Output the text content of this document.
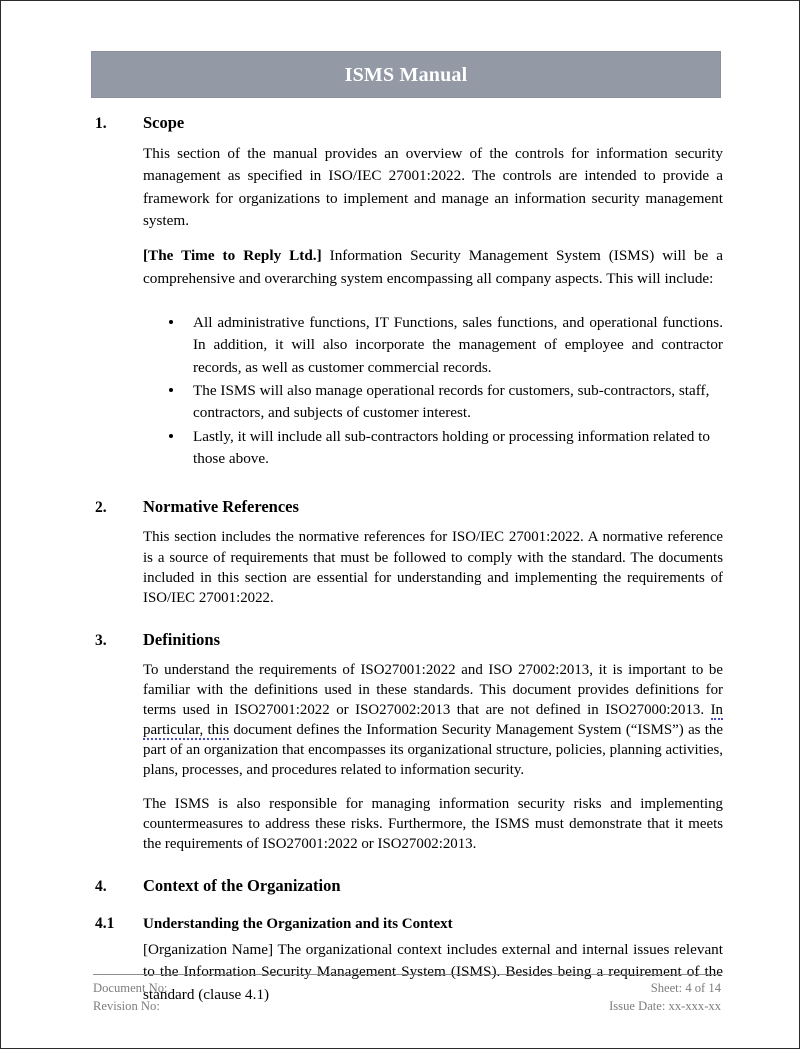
ISMS Manual
1.	Scope

This section of the manual provides an overview of the controls for information security management as specified in ISO/IEC 27001:2022. The controls are intended to provide a framework for organizations to implement and manage an information security management system.

[The Time to Reply Ltd.] Information Security Management System (ISMS) will be a comprehensive and overarching system encompassing all company aspects. This will include:

All administrative functions, IT Functions, sales functions, and operational functions. In addition, it will also incorporate the management of employee and contractor records, as well as customer commercial records.
The ISMS will also manage operational records for customers, sub-contractors, staff, contractors, and subjects of customer interest.
Lastly, it will include all sub-contractors holding or processing information related to those above.
2.	Normative References

This section includes the normative references for ISO/IEC 27001:2022. A normative reference is a source of requirements that must be followed to comply with the standard. The documents included in this section are essential for understanding and implementing the requirements of ISO/IEC 27001:2022.

3.	Definitions

To understand the requirements of ISO27001:2022 and ISO 27002:2013, it is important to be familiar with the definitions used in these standards. This document provides definitions for terms used in ISO27001:2022 or ISO27002:2013 that are not defined in ISO27000:2013. In particular, this document defines the Information Security Management System (“ISMS”) as the part of an organization that encompasses its organizational structure, policies, planning activities, plans, processes, and procedures related to information security.

The ISMS is also responsible for managing information security risks and implementing countermeasures to address these risks. Furthermore, the ISMS must demonstrate that it meets the requirements of ISO27001:2022 or ISO27002:2013.

4.	Context of the Organization
4.1	Understanding the Organization and its Context

[Organization Name] The organizational context includes external and internal issues relevant to the Information Security Management System (ISMS). Besides being a requirement of the standard (clause 4.1)

Document No:	Sheet: 4 of 14
Revision No:	Issue Date: xx-xxx-xx
